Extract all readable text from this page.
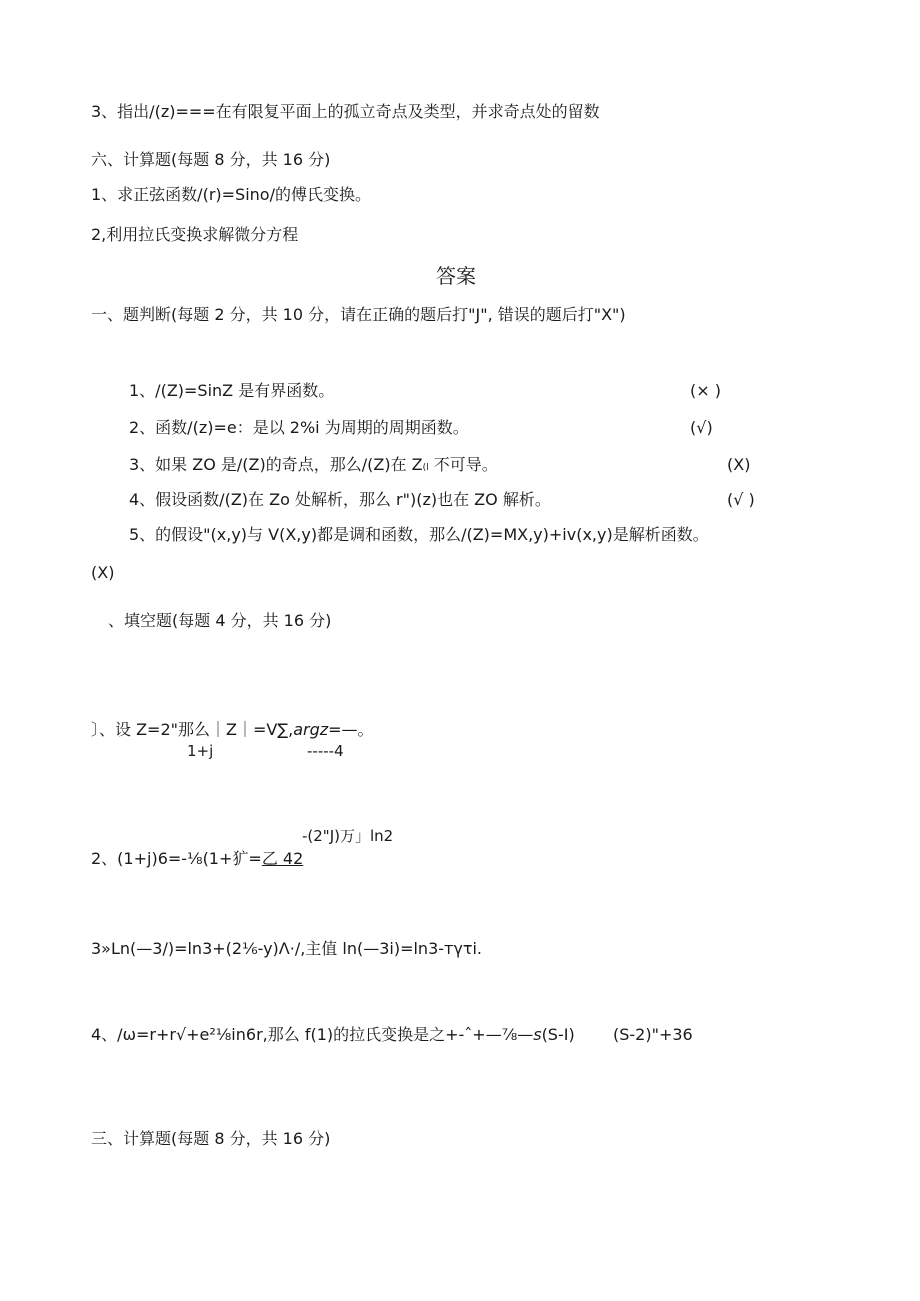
3、指出/(z)===在有限复平面上的孤立奇点及类型，并求奇点处的留数
六、计算题(每题 8 分，共 16 分)
1、求正弦函数/(r)=Sino/的傅氏变换。
2,利用拉氏变换求解微分方程
答案
一、题判断(每题 2 分，共 10 分，请在正确的题后打"J", 错误的题后打"X")
1、/(Z)=SinZ 是有界函数。	(× )
2、函数/(z)=e：是以 2%i 为周期的周期函数。	(√)
3、如果 ZO 是/(Z)的奇点，那么/(Z)在 Z(l 不可导。	(X)
4、假设函数/(Z)在 Zo 处解析，那么 r")(z)也在 ZO 解析。	(√ )
5、的假设"(x,y)与 V(X,y)都是调和函数，那么/(Z)=MX,y)+iv(x,y)是解析函数。
(X)
、填空题(每题 4 分，共 16 分)
〕、设 Z=2"那么｜Z｜=V∑,argz=—。
1+j	-----4
-(2"J)万」ln2
2、(1+j)6=-⅛(1+犷=乙 42
3»Ln(—3/)=ln3+(2⅙-y)Λ·/,主值 ln(—3i)=ln3-тγτi.
4、/ω=r+r√+e²⅛in6r,那么 f(1)的拉氏变换是之+-ˆ+—⅞—s(S-I) (S-2)"+36
三、计算题(每题 8 分，共 16 分)
